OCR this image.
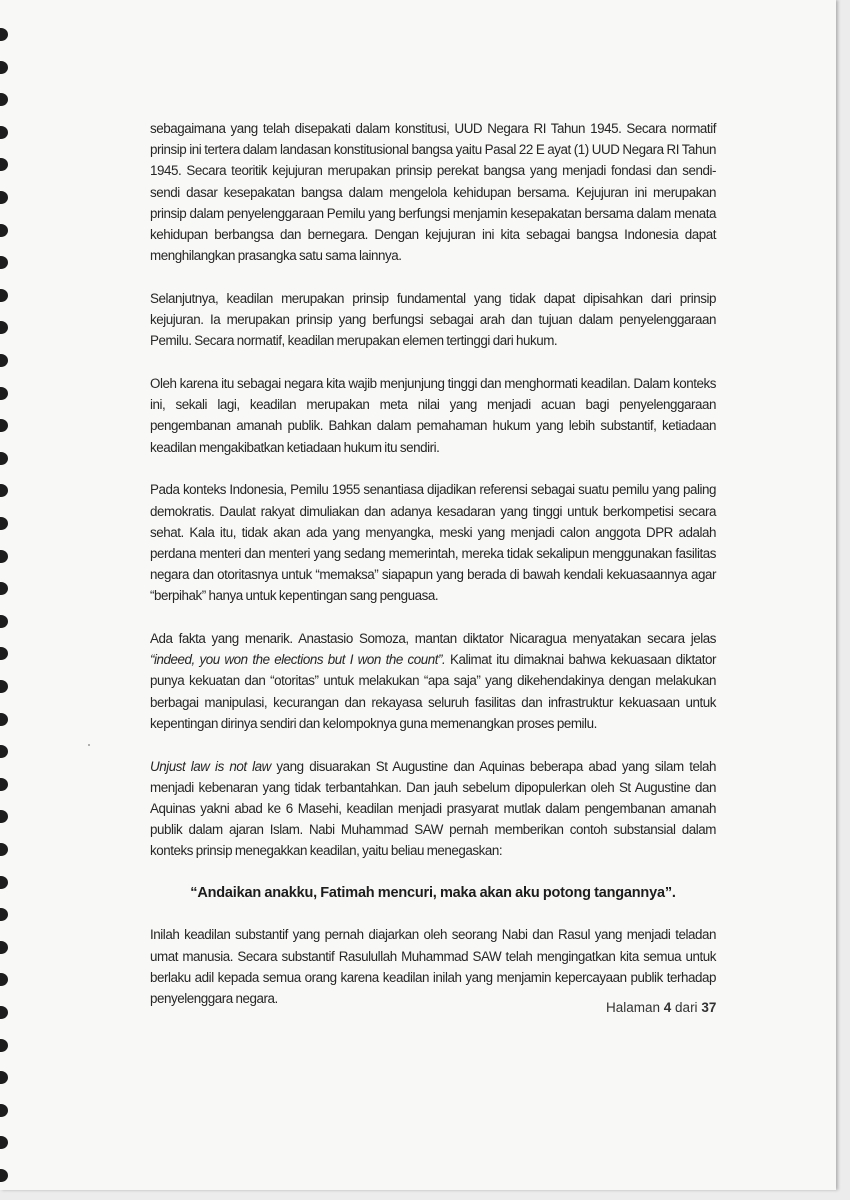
sebagaimana yang telah disepakati dalam konstitusi, UUD Negara RI Tahun 1945. Secara normatif prinsip ini tertera dalam landasan konstitusional bangsa yaitu Pasal 22 E ayat (1) UUD Negara RI Tahun 1945. Secara teoritik kejujuran merupakan prinsip perekat bangsa yang menjadi fondasi dan sendi-sendi dasar kesepakatan bangsa dalam mengelola kehidupan bersama. Kejujuran ini merupakan prinsip dalam penyelenggaraan Pemilu yang berfungsi menjamin kesepakatan bersama dalam menata kehidupan berbangsa dan bernegara. Dengan kejujuran ini kita sebagai bangsa Indonesia dapat menghilangkan prasangka satu sama lainnya.

Selanjutnya, keadilan merupakan prinsip fundamental yang tidak dapat dipisahkan dari prinsip kejujuran. Ia merupakan prinsip yang berfungsi sebagai arah dan tujuan dalam penyelenggaraan Pemilu. Secara normatif, keadilan merupakan elemen tertinggi dari hukum.

Oleh karena itu sebagai negara kita wajib menjunjung tinggi dan menghormati keadilan. Dalam konteks ini, sekali lagi, keadilan merupakan meta nilai yang menjadi acuan bagi penyelenggaraan pengembanan amanah publik. Bahkan dalam pemahaman hukum yang lebih substantif, ketiadaan keadilan mengakibatkan ketiadaan hukum itu sendiri.

Pada konteks Indonesia, Pemilu 1955 senantiasa dijadikan referensi sebagai suatu pemilu yang paling demokratis. Daulat rakyat dimuliakan dan adanya kesadaran yang tinggi untuk berkompetisi secara sehat. Kala itu, tidak akan ada yang menyangka, meski yang menjadi calon anggota DPR adalah perdana menteri dan menteri yang sedang memerintah, mereka tidak sekalipun menggunakan fasilitas negara dan otoritasnya untuk “memaksa” siapapun yang berada di bawah kendali kekuasaannya agar “berpihak” hanya untuk kepentingan sang penguasa.

Ada fakta yang menarik. Anastasio Somoza, mantan diktator Nicaragua menyatakan secara jelas “indeed, you won the elections but I won the count”. Kalimat itu dimaknai bahwa kekuasaan diktator punya kekuatan dan “otoritas” untuk melakukan “apa saja” yang dikehendakinya dengan melakukan berbagai manipulasi, kecurangan dan rekayasa seluruh fasilitas dan infrastruktur kekuasaan untuk kepentingan dirinya sendiri dan kelompoknya guna memenangkan proses pemilu.

Unjust law is not law yang disuarakan St Augustine dan Aquinas beberapa abad yang silam telah menjadi kebenaran yang tidak terbantahkan. Dan jauh sebelum dipopulerkan oleh St Augustine dan Aquinas yakni abad ke 6 Masehi, keadilan menjadi prasyarat mutlak dalam pengembanan amanah publik dalam ajaran Islam. Nabi Muhammad SAW pernah memberikan contoh substansial dalam konteks prinsip menegakkan keadilan, yaitu beliau menegaskan:

“Andaikan anakku, Fatimah mencuri, maka akan aku potong tangannya”.

Inilah keadilan substantif yang pernah diajarkan oleh seorang Nabi dan Rasul yang menjadi teladan umat manusia. Secara substantif Rasulullah Muhammad SAW telah mengingatkan kita semua untuk berlaku adil kepada semua orang karena keadilan inilah yang menjamin kepercayaan publik terhadap penyelenggara negara.

Halaman 4 dari 37
